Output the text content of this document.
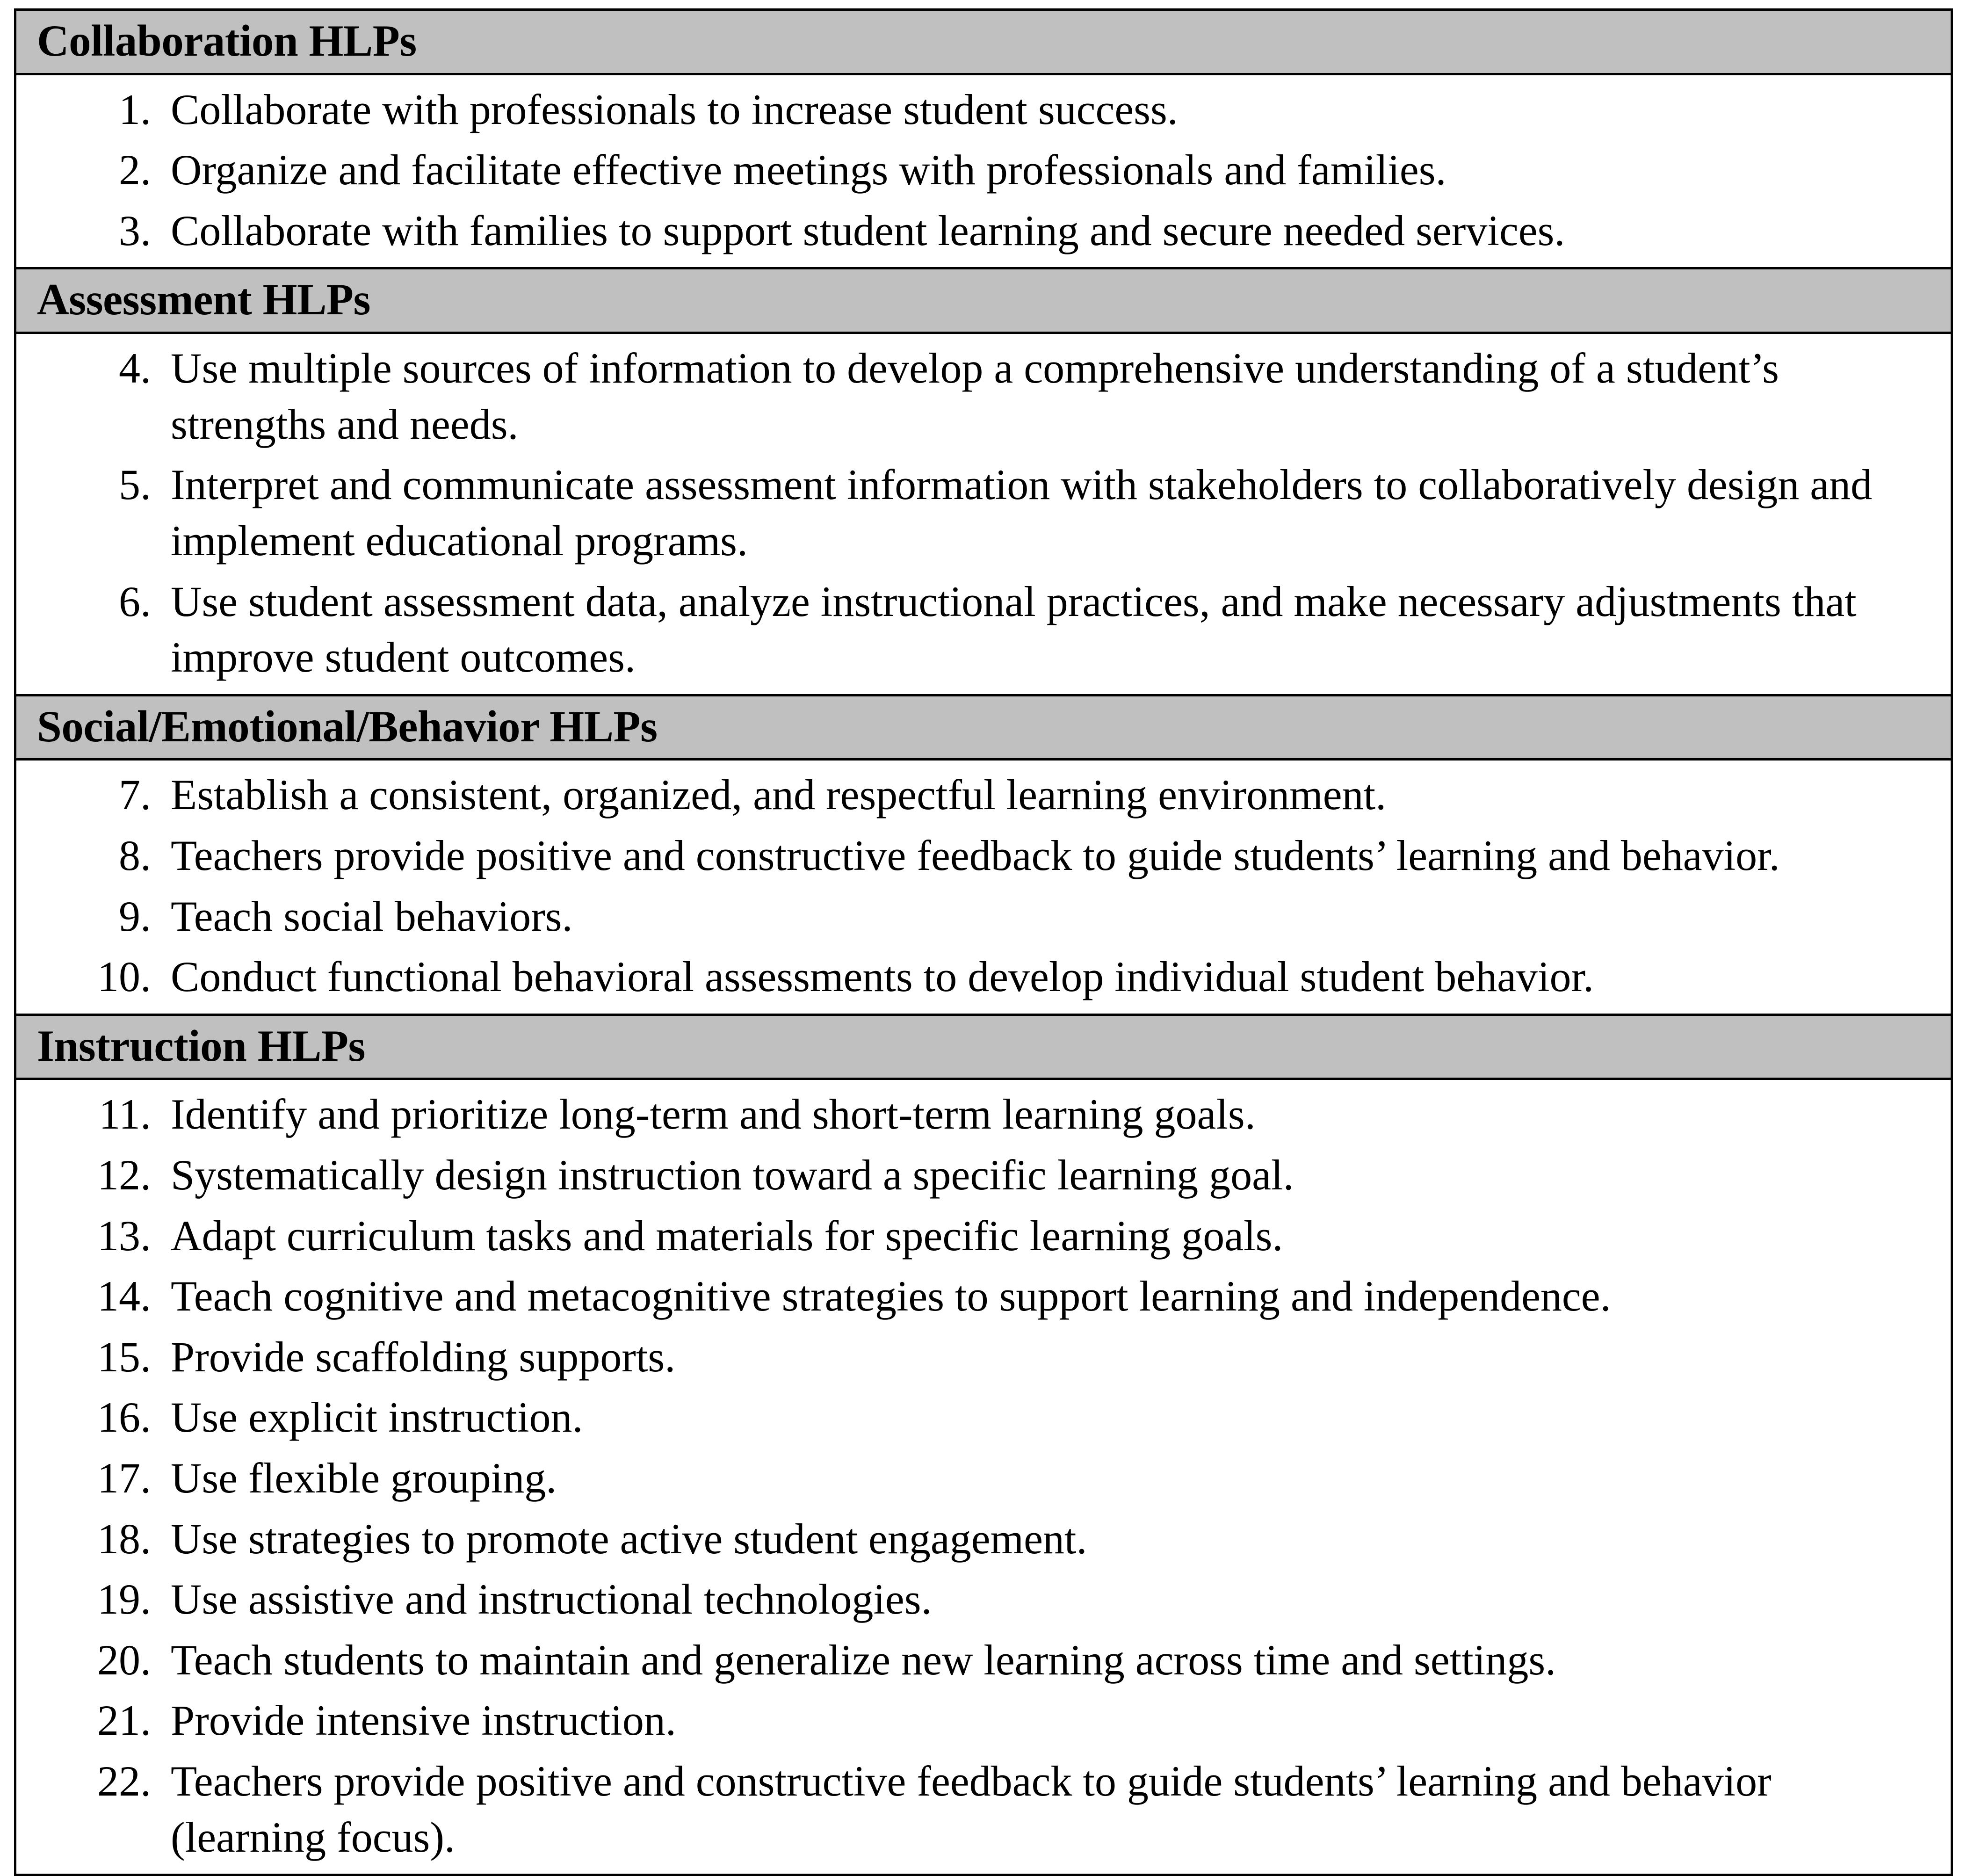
Collaboration HLPs
1. Collaborate with professionals to increase student success.
2. Organize and facilitate effective meetings with professionals and families.
3. Collaborate with families to support student learning and secure needed services.
Assessment HLPs
4. Use multiple sources of information to develop a comprehensive understanding of a student’s strengths and needs.
5. Interpret and communicate assessment information with stakeholders to collaboratively design and implement educational programs.
6. Use student assessment data, analyze instructional practices, and make necessary adjustments that improve student outcomes.
Social/Emotional/Behavior HLPs
7. Establish a consistent, organized, and respectful learning environment.
8. Teachers provide positive and constructive feedback to guide students’ learning and behavior.
9. Teach social behaviors.
10. Conduct functional behavioral assessments to develop individual student behavior.
Instruction HLPs
11. Identify and prioritize long-term and short-term learning goals.
12. Systematically design instruction toward a specific learning goal.
13. Adapt curriculum tasks and materials for specific learning goals.
14. Teach cognitive and metacognitive strategies to support learning and independence.
15. Provide scaffolding supports.
16. Use explicit instruction.
17. Use flexible grouping.
18. Use strategies to promote active student engagement.
19. Use assistive and instructional technologies.
20. Teach students to maintain and generalize new learning across time and settings.
21. Provide intensive instruction.
22. Teachers provide positive and constructive feedback to guide students’ learning and behavior (learning focus).
